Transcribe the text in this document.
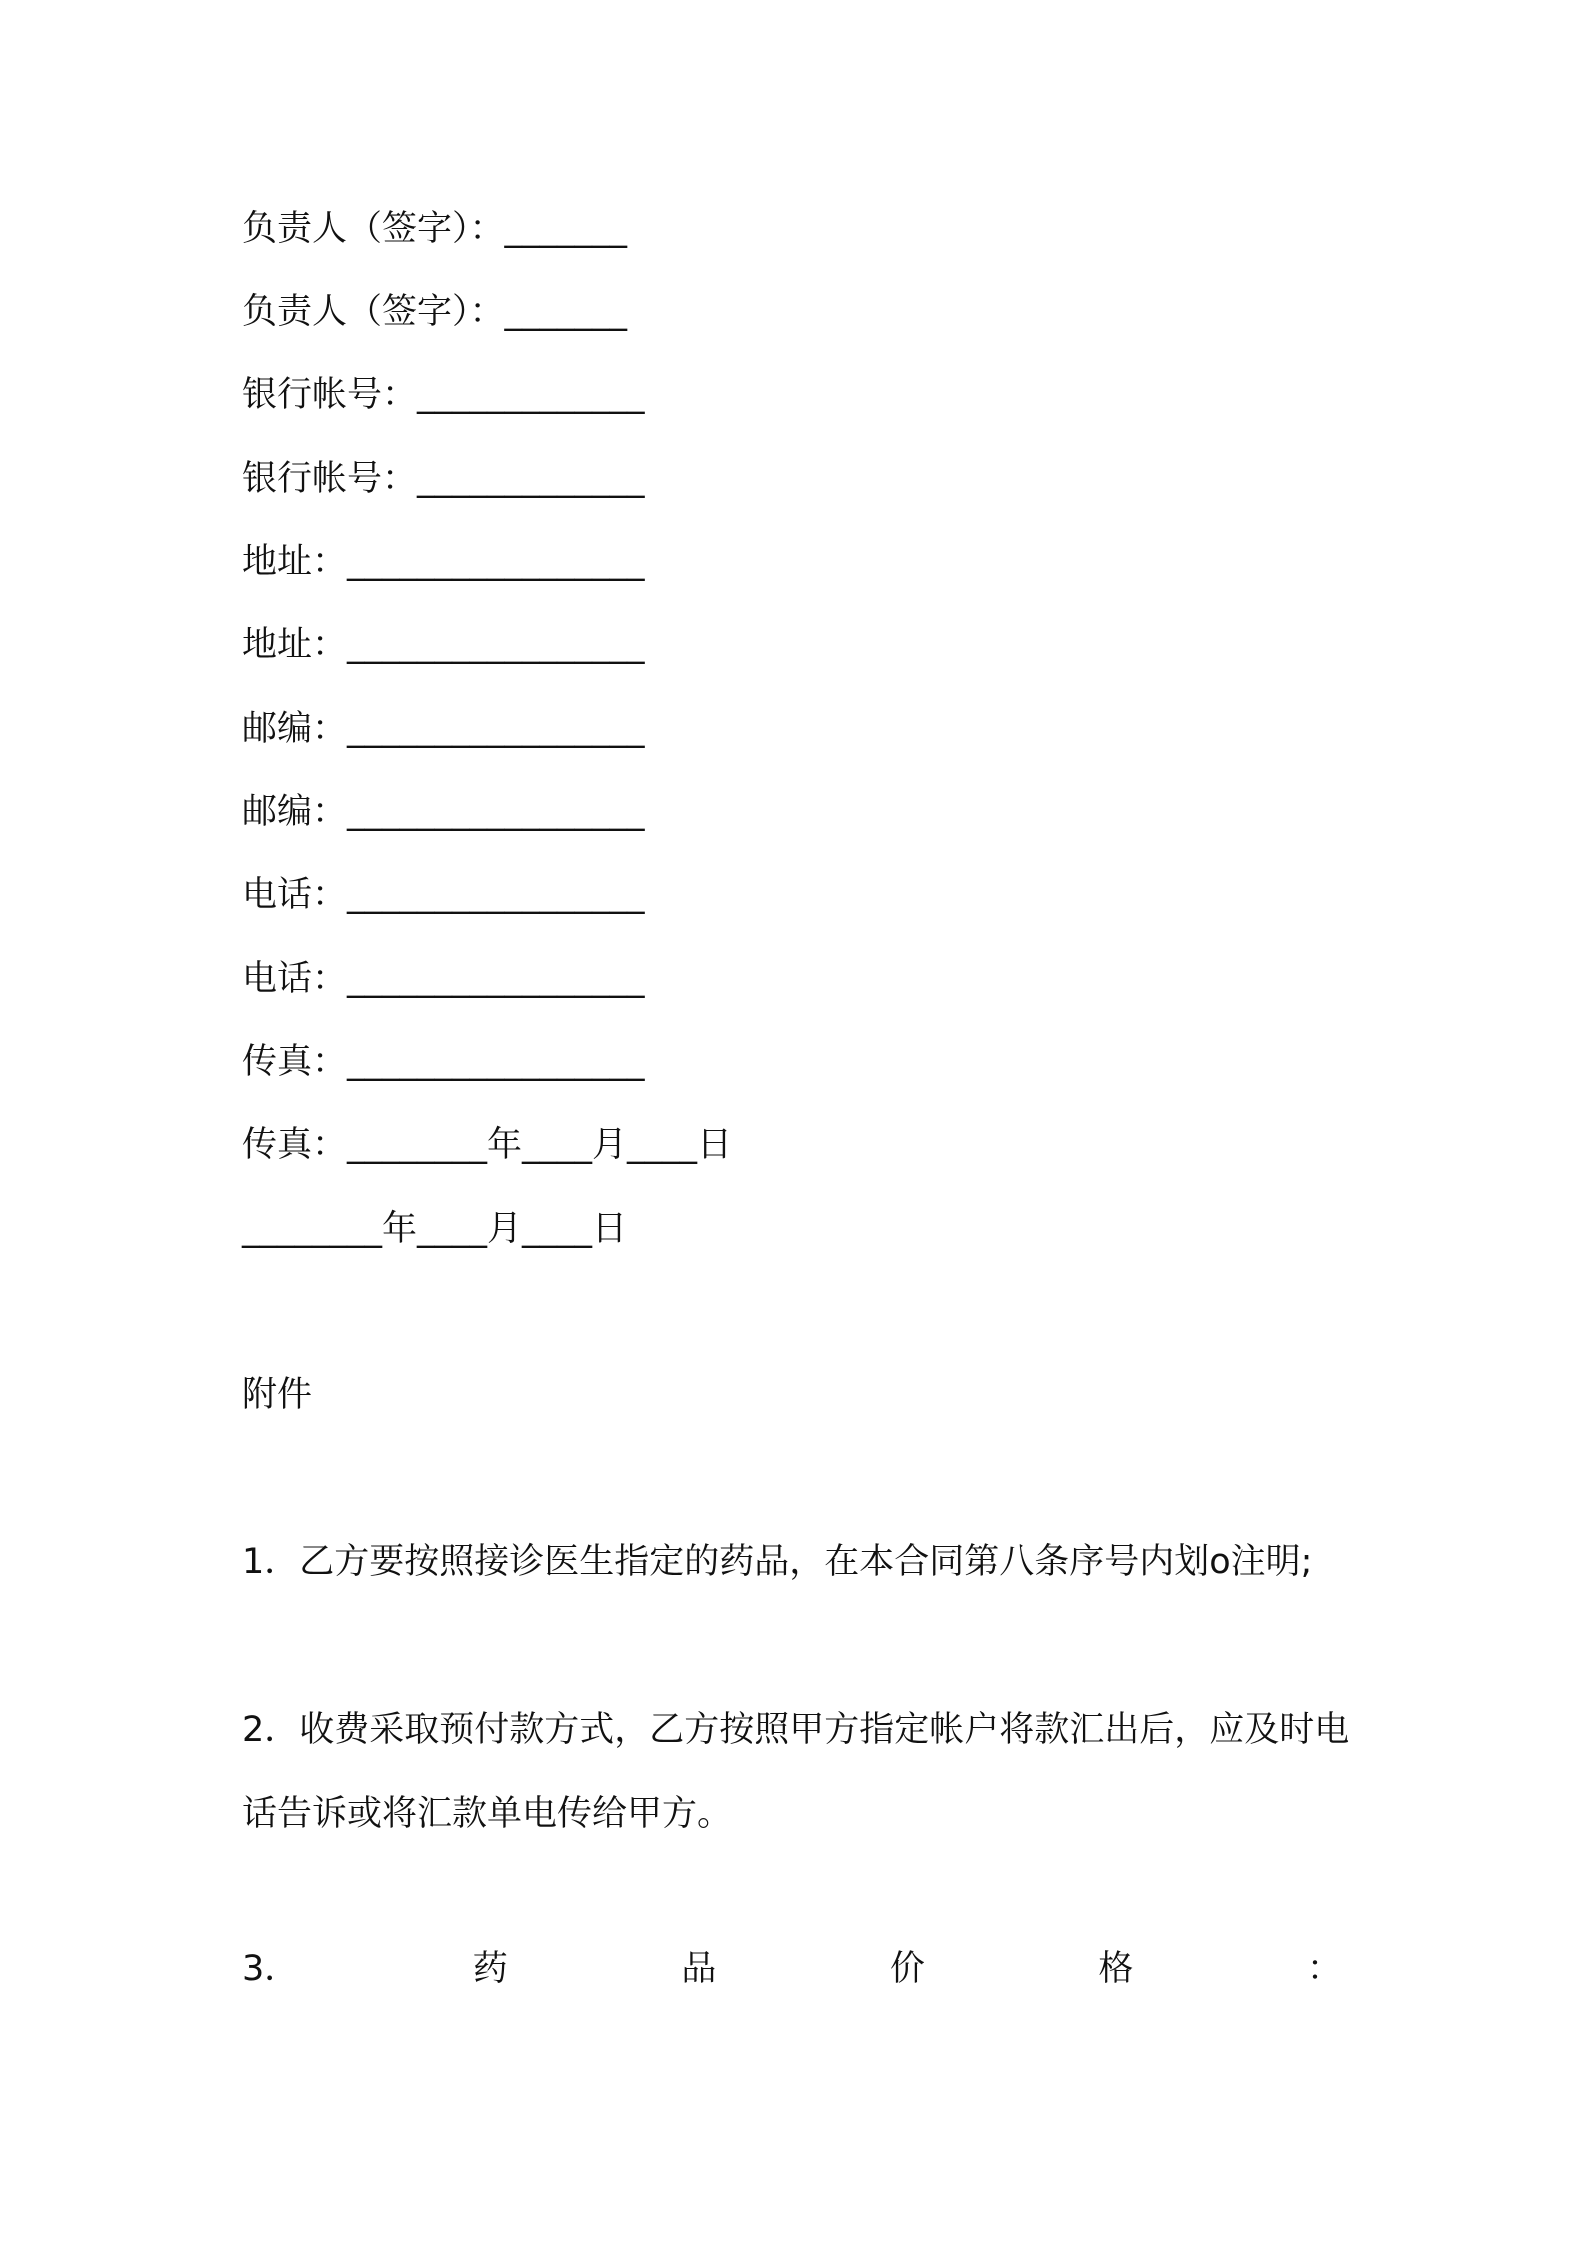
负责人（签字）：_______
负责人（签字）：_______
银行帐号：_____________
银行帐号：_____________
地址：_________________
地址：_________________
邮编：_________________
邮编：_________________
电话：_________________
电话：_________________
传真：_________________
传真：________年____月____日
________年____月____日
附件
1．乙方要按照接诊医生指定的药品，在本合同第八条序号内划o注明;
2．收费采取预付款方式，乙方按照甲方指定帐户将款汇出后，应及时电话告诉或将汇款单电传给甲方。
3．	药	品	价	格	：
